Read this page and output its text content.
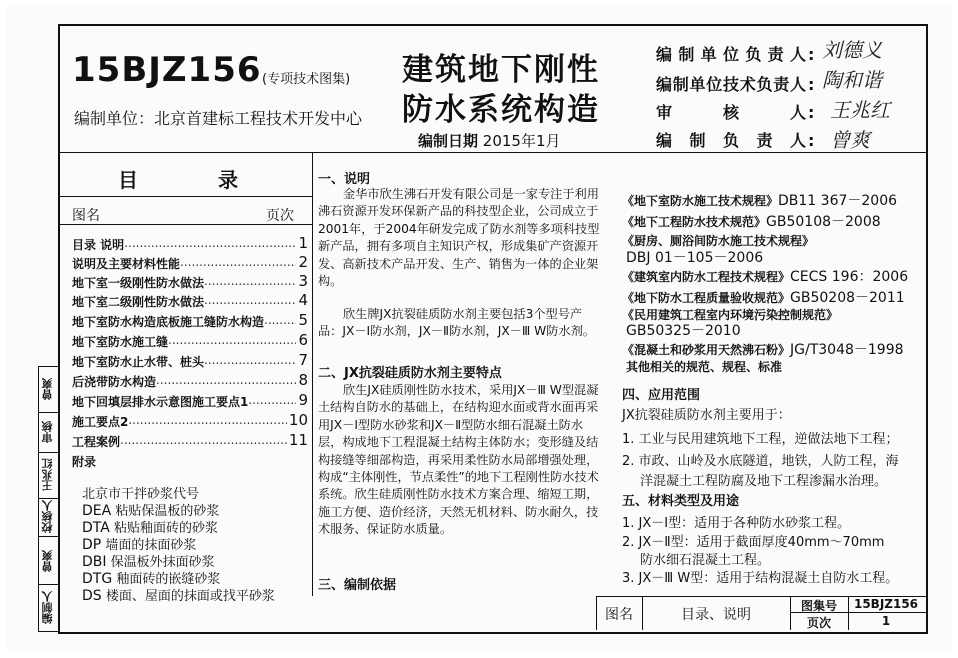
15BJZ156 (专项技术图集)
编制单位：北京首建标工程技术开发中心
建筑地下刚性
防水系统构造
编制日期 2015年1月
编制单位负责人 : 刘德义
编制单位技术负责人 : 陶和谐
审核人 : 王兆红
编制负责人 : 曾爽
目录
图名	页次
目录 说明 .....	1
说明及主要材料性能 .....	2
地下室一级刚性防水做法 .....	3
地下室二级刚性防水做法 .....	4
地下室防水构造底板施工缝防水构造 ..... 5
地下室防水施工缝 .....	6
地下室防水止水带、桩头 .....	7
后浇带防水构造 .....	8
地下回填层排水示意图施工要点1 .....	9
施工要点2 .....	10
工程案例 .....	11
附录
北京市干拌砂浆代号
DEA 粘贴保温板的砂浆
DTA 粘贴釉面砖的砂浆
DP 墙面的抹面砂浆
DBI 保温板外抹面砂浆
DTG 釉面砖的嵌缝砂浆
DS 楼面、屋面的抹面或找平砂浆
一、说明
金华市欣生沸石开发有限公司是一家专注于利用沸石资源开发环保新产品的科技型企业，公司成立于2001年，于2004年研发完成了防水剂等多项科技型新产品，拥有多项自主知识产权，形成集矿产资源开发、高新技术产品开发、生产、销售为一体的企业架构。
欣生牌JX抗裂硅质防水剂主要包括3个型号产品：JX－Ⅰ防水剂，JX－Ⅱ防水剂，JX－Ⅲ W防水剂。
二、JX抗裂硅质防水剂主要特点
欣生JX硅质刚性防水技术，采用JX－Ⅲ W型混凝土结构自防水的基础上，在结构迎水面或背水面再采用JX－Ⅰ型防水砂浆和JX－Ⅱ型防水细石混凝土防水层，构成地下工程混凝土结构主体防水；变形缝及结构接缝等细部构造，再采用柔性防水局部增强处理，构成“主体刚性，节点柔性”的地下工程刚性防水技术系统。欣生硅质刚性防水技术方案合理、缩短工期，施工方便、造价经济，天然无机材料、防水耐久，技术服务、保证防水质量。
三、编制依据
《地下室防水施工技术规程》DB11 367－2006
《地下工程防水技术规范》GB50108－2008
《厨房、厕浴间防水施工技术规程》
DBJ 01－105－2006
《建筑室内防水工程技术规程》CECS 196：2006
《地下防水工程质量验收规范》GB50208－2011
《民用建筑工程室内环境污染控制规范》
GB50325－2010
《混凝土和砂浆用天然沸石粉》JG/T3048－1998
其他相关的规范、规程、标准
四、应用范围
JX抗裂硅质防水剂主要用于：
1. 工业与民用建筑地下工程，逆做法地下工程；
2. 市政、山岭及水底隧道，地铁，人防工程，海
洋混凝土工程防腐及地下工程渗漏水治理。
五、材料类型及用途
1. JX－Ⅰ型：适用于各种防水砂浆工程。
2. JX－Ⅱ型：适用于截面厚度40mm～70mm
防水细石混凝土工程。
3. JX－Ⅲ W型：适用于结构混凝土自防水工程。
编制人
曾爽
校核人
王兆红
审核
曾爽
图名	目录、说明
图集号	15BJZ156
页次	1
